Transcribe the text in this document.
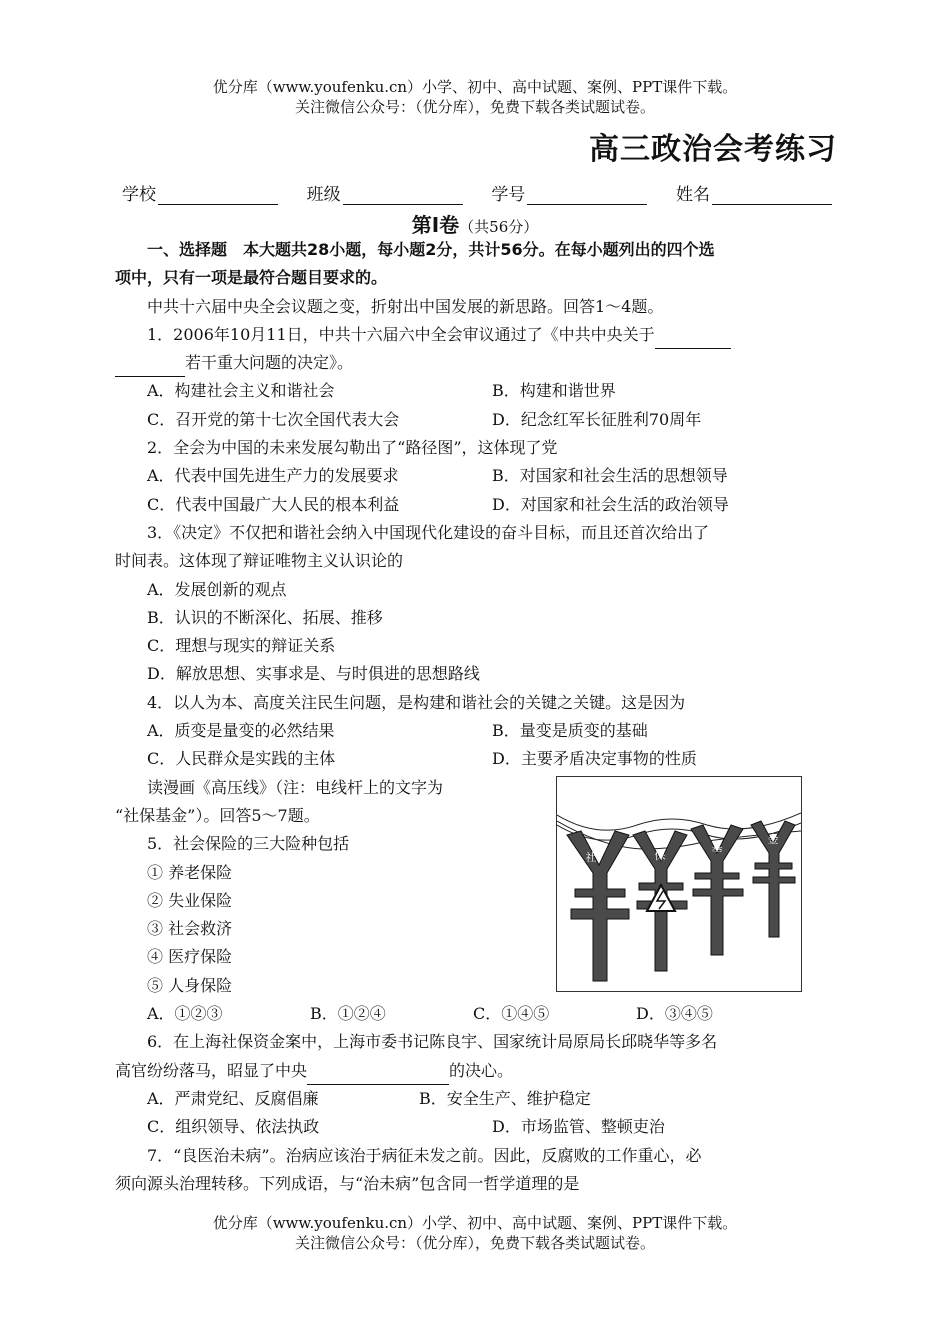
优分库（www.youfenku.cn）小学、初中、高中试题、案例、PPT课件下载。
关注微信公众号：（优分库），免费下载各类试题试卷。
高三政治会考练习
学校	班级	学号	姓名
第Ⅰ卷（共56分）

一、选择题　本大题共28小题，每小题2分，共计56分。在每小题列出的四个选

项中，只有一项是最符合题目要求的。

中共十六届中央全会议题之变，折射出中国发展的新思路。回答1～4题。

1．2006年10月11日，中共十六届六中全会审议通过了《中共中央关于

若干重大问题的决定》。

A．构建社会主义和谐社会	B．构建和谐世界
C．召开党的第十七次全国代表大会	D．纪念红军长征胜利70周年

2．全会为中国的未来发展勾勒出了“路径图”，这体现了党

A．代表中国先进生产力的发展要求	B．对国家和社会生活的思想领导
C．代表中国最广大人民的根本利益	D．对国家和社会生活的政治领导

3．《决定》不仅把和谐社会纳入中国现代化建设的奋斗目标，而且还首次给出了

时间表。这体现了辩证唯物主义认识论的

A．发展创新的观点

B．认识的不断深化、拓展、推移

C．理想与现实的辩证关系

D．解放思想、实事求是、与时俱进的思想路线

4．以人为本、高度关注民生问题，是构建和谐社会的关键之关键。这是因为

A．质变是量变的必然结果	B．量变是质变的基础
C．人民群众是实践的主体	D．主要矛盾决定事物的性质

读漫画《高压线》（注：电线杆上的文字为

“社保基金”）。回答5～7题。

5．社会保险的三大险种包括

① 养老保险

② 失业保险

③ 社会救济

④ 医疗保险

⑤ 人身保险

A．①②③	B．①②④	C．①④⑤	D．③④⑤

6．在上海社保资金案中，上海市委书记陈良宇、国家统计局原局长邱晓华等多名

高官纷纷落马，昭显了中央	的决心。

A．严肃党纪、反腐倡廉	B．安全生产、维护稳定
C．组织领导、依法执政	D．市场监管、整顿吏治

7．“良医治未病”。治病应该治于病征未发之前。因此，反腐败的工作重心，必

须向源头治理转移。下列成语，与“治未病”包含同一哲学道理的是

社	保
基
金
优分库（www.youfenku.cn）小学、初中、高中试题、案例、PPT课件下载。
关注微信公众号：（优分库），免费下载各类试题试卷。
